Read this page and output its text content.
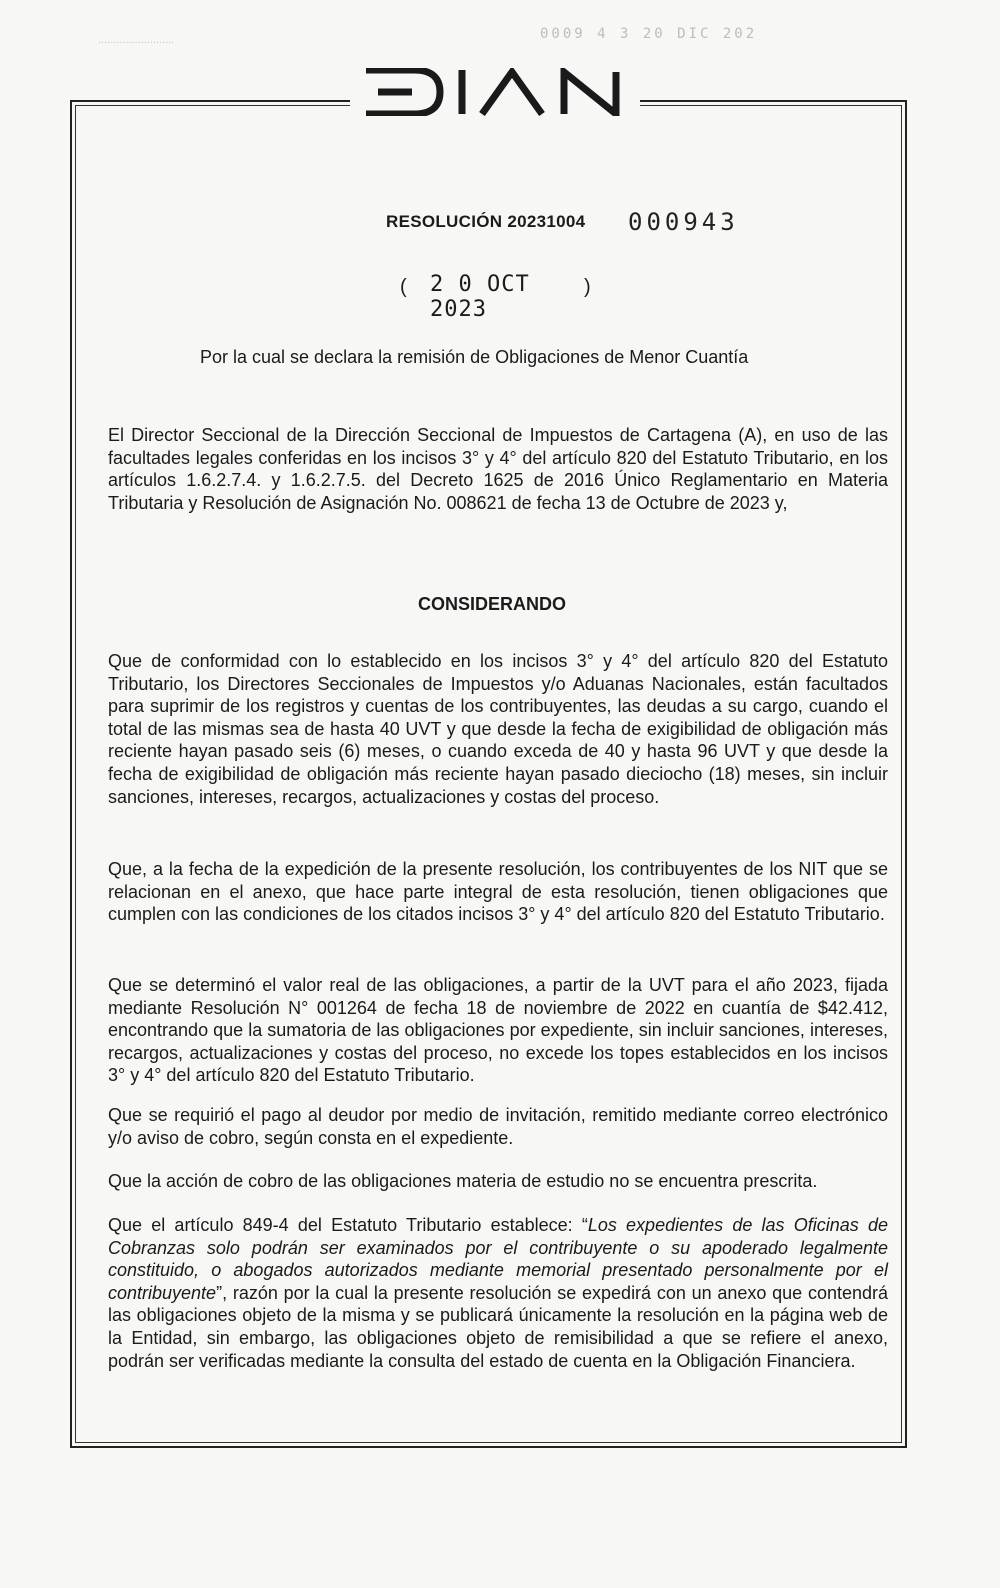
.........................	0009 4 3 20 DIC 202
RESOLUCIÓN 20231004 000943
( 2 0 OCT 2023
)
Por la cual se declara la remisión de Obligaciones de Menor Cuantía

El Director Seccional de la Dirección Seccional de Impuestos de Cartagena (A), en uso de las facultades legales conferidas en los incisos 3° y 4° del artículo 820 del Estatuto Tributario, en los artículos 1.6.2.7.4. y 1.6.2.7.5. del Decreto 1625 de 2016 Único Reglamentario en Materia Tributaria y Resolución de Asignación No. 008621 de fecha 13 de Octubre de 2023 y,

CONSIDERANDO

Que de conformidad con lo establecido en los incisos 3° y 4° del artículo 820 del Estatuto Tributario, los Directores Seccionales de Impuestos y/o Aduanas Nacionales, están facultados para suprimir de los registros y cuentas de los contribuyentes, las deudas a su cargo, cuando el total de las mismas sea de hasta 40 UVT y que desde la fecha de exigibilidad de obligación más reciente hayan pasado seis (6) meses, o cuando exceda de 40 y hasta 96 UVT y que desde la fecha de exigibilidad de obligación más reciente hayan pasado dieciocho (18) meses, sin incluir sanciones, intereses, recargos, actualizaciones y costas del proceso.

Que, a la fecha de la expedición de la presente resolución, los contribuyentes de los NIT que se relacionan en el anexo, que hace parte integral de esta resolución, tienen obligaciones que cumplen con las condiciones de los citados incisos 3° y 4° del artículo 820 del Estatuto Tributario.

Que se determinó el valor real de las obligaciones, a partir de la UVT para el año 2023, fijada mediante Resolución N° 001264 de fecha 18 de noviembre de 2022 en cuantía de $42.412, encontrando que la sumatoria de las obligaciones por expediente, sin incluir sanciones, intereses, recargos, actualizaciones y costas del proceso, no excede los topes establecidos en los incisos 3° y 4° del artículo 820 del Estatuto Tributario.

Que se requirió el pago al deudor por medio de invitación, remitido mediante correo electrónico y/o aviso de cobro, según consta en el expediente.

Que la acción de cobro de las obligaciones materia de estudio no se encuentra prescrita.

Que el artículo 849-4 del Estatuto Tributario establece: “Los expedientes de las Oficinas de Cobranzas solo podrán ser examinados por el contribuyente o su apoderado legalmente constituido, o abogados autorizados mediante memorial presentado personalmente por el contribuyente”, razón por la cual la presente resolución se expedirá con un anexo que contendrá las obligaciones objeto de la misma y se publicará únicamente la resolución en la página web de la Entidad, sin embargo, las obligaciones objeto de remisibilidad a que se refiere el anexo, podrán ser verificadas mediante la consulta del estado de cuenta en la Obligación Financiera.
